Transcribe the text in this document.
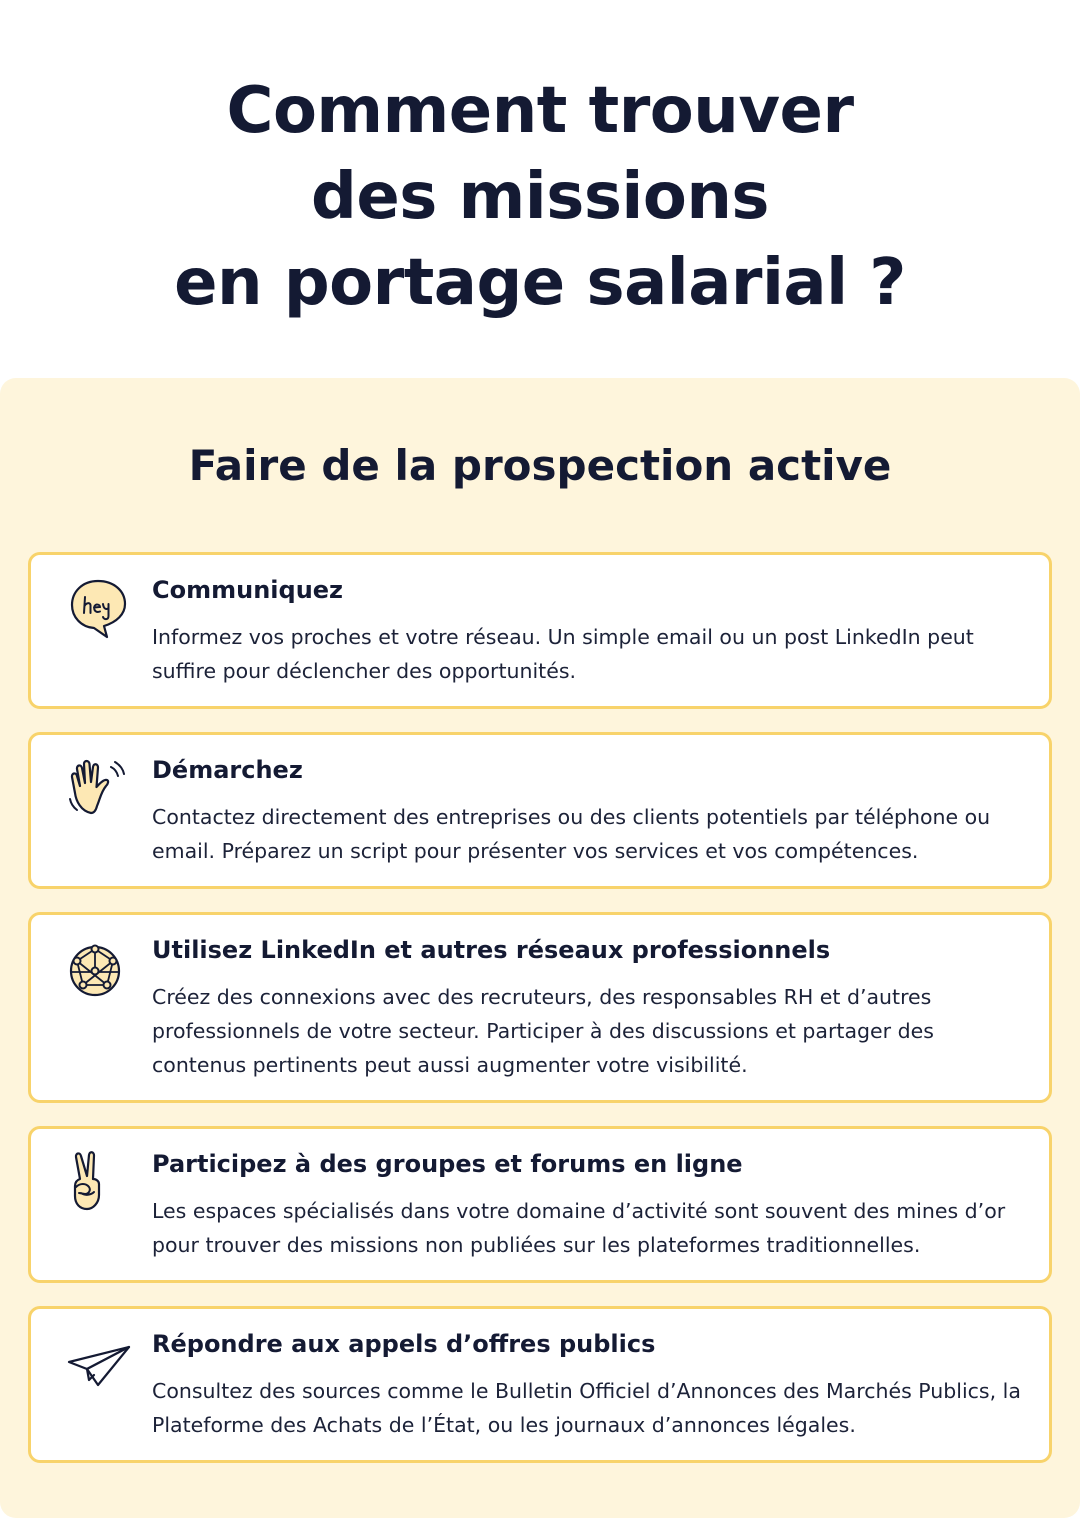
Comment trouver
des missions
en portage salarial ?
Faire de la prospection active
Communiquez

Informez vos proches et votre réseau. Un simple email ou un post LinkedIn peut suffire pour déclencher des opportunités.

Démarchez

Contactez directement des entreprises ou des clients potentiels par téléphone ou email. Préparez un script pour présenter vos services et vos compétences.

Utilisez LinkedIn et autres réseaux professionnels

Créez des connexions avec des recruteurs, des responsables RH et d’autres professionnels de votre secteur. Participer à des discussions et partager des contenus pertinents peut aussi augmenter votre visibilité.

Participez à des groupes et forums en ligne

Les espaces spécialisés dans votre domaine d’activité sont souvent des mines d’or pour trouver des missions non publiées sur les plateformes traditionnelles.

Répondre aux appels d’offres publics

Consultez des sources comme le Bulletin Officiel d’Annonces des Marchés Publics, la Plateforme des Achats de l’État, ou les journaux d’annonces légales.
